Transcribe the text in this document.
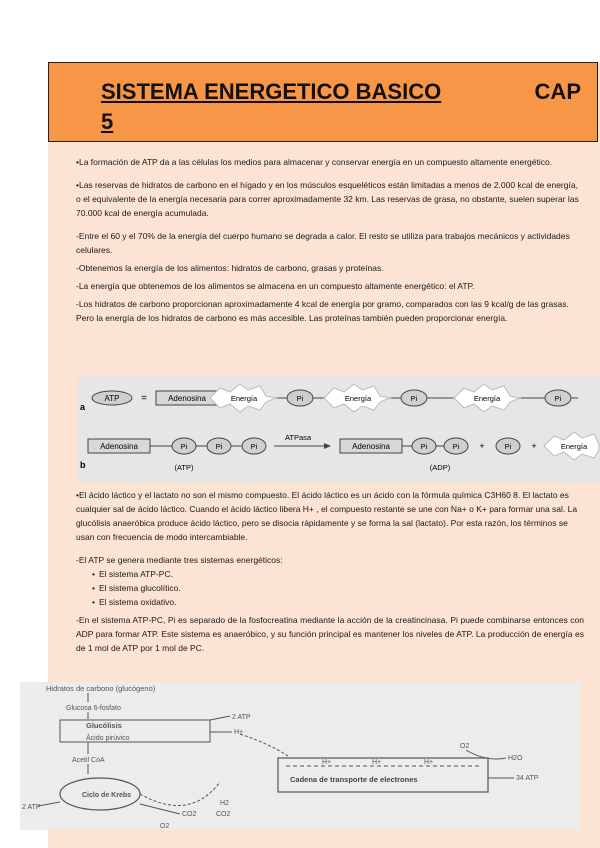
SISTEMA ENERGETICO BASICO	CAP

5

•La formación de ATP da a las células los medios para almacenar y conservar energía en un compuesto altamente energético.

•Las reservas de hidratos de carbono en el hígado y en los músculos esqueléticos están limitadas a menos de 2.000 kcal de energía, o el equivalente de la energía necesaria para correr aproximadamente 32 km. Las reservas de grasa, no obstante, suelen superar las 70.000 kcal de energía acumulada.

-Entre el 60 y el 70% de la energía del cuerpo humano se degrada a calor. El resto se utiliza para trabajos mecánicos y actividades celulares.

-Obtenemos la energía de los alimentos: hidratos de carbono, grasas y proteínas.

-La energía que obtenemos de los alimentos se almacena en un compuesto altamente energético: el ATP.

-Los hidratos de carbono proporcionan aproximadamente 4 kcal de energía por gramo, comparados con las 9 kcal/g de las grasas. Pero la energía de los hidratos de carbono es más accesible. Las proteínas también pueden proporcionar energía.

a
ATP =	Adenosina	Energía	Pi	Energía	Pi	Energía	Pi
b
Adenosina	Pi	Pi	Pi
(ATP)
ATPasa
Adenosina	Pi	Pi
(ADP)
+	Pi +	Energía

•El ácido láctico y el lactato no son el mismo compuesto. El ácido láctico es un ácido con la fórmula química C3H60 8. El lactato es cualquier sal de ácido láctico. Cuando el ácido láctico libera H+ , el compuesto restante se une con Na+ o K+ para formar una sal. La glucólisis anaeróbica produce ácido láctico, pero se disocia rápidamente y se forma la sal (lactato). Por esta razón, los términos se usan con frecuencia de modo intercambiable.

-El ATP se genera mediante tres sistemas energéticos:

• El sistema ATP-PC.
• El sistema glucolítico.
• El sistema oxidativo.

-En el sistema ATP-PC, Pi es separado de la fosfocreatina mediante la acción de la creatincinasa. Pi puede combinarse entonces con ADP para formar ATP. Este sistema es anaeróbico, y su función principal es mantener los niveles de ATP. La producción de energía es de 1 mol de ATP por 1 mol de PC.

Hidratos de carbono (glucógeno)
Glucosa 6-fosfato
Glucólisis
Ácido pirúvico
2 ATP
H+
Acetil CoA
Ciclo de Krebs
H2
2 ATP
CO2	CO2
O2
H+	H+	H+
Cadena de transporte de electrones
O2
H2O
34 ATP
